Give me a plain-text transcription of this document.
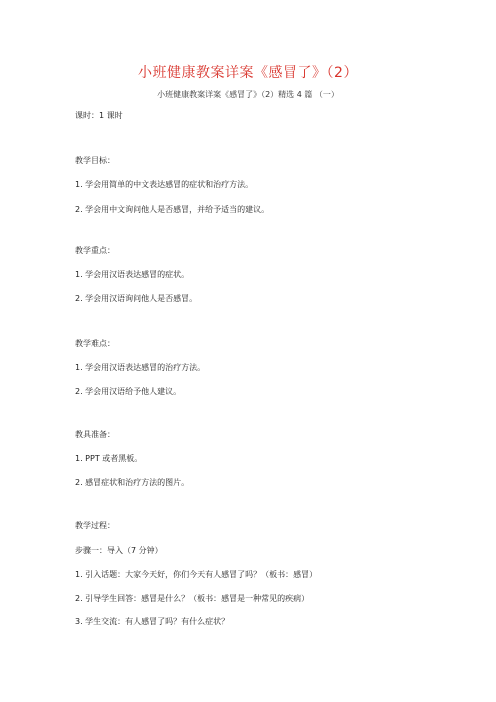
小班健康教案详案《感冒了》（2）
小班健康教案详案《感冒了》（2）精选 4 篇 （一）
课时：1 课时
教学目标：
1. 学会用简单的中文表达感冒的症状和治疗方法。
2. 学会用中文询问他人是否感冒，并给予适当的建议。
教学重点：
1. 学会用汉语表达感冒的症状。
2. 学会用汉语询问他人是否感冒。
教学难点：
1. 学会用汉语表达感冒的治疗方法。
2. 学会用汉语给予他人建议。
教具准备：
1. PPT 或者黑板。
2. 感冒症状和治疗方法的图片。
教学过程：
步骤一：导入（7 分钟）
1. 引入话题：大家今天好，你们今天有人感冒了吗？（板书：感冒）
2. 引导学生回答：感冒是什么？（板书：感冒是一种常见的疾病）
3. 学生交流：有人感冒了吗？有什么症状？
